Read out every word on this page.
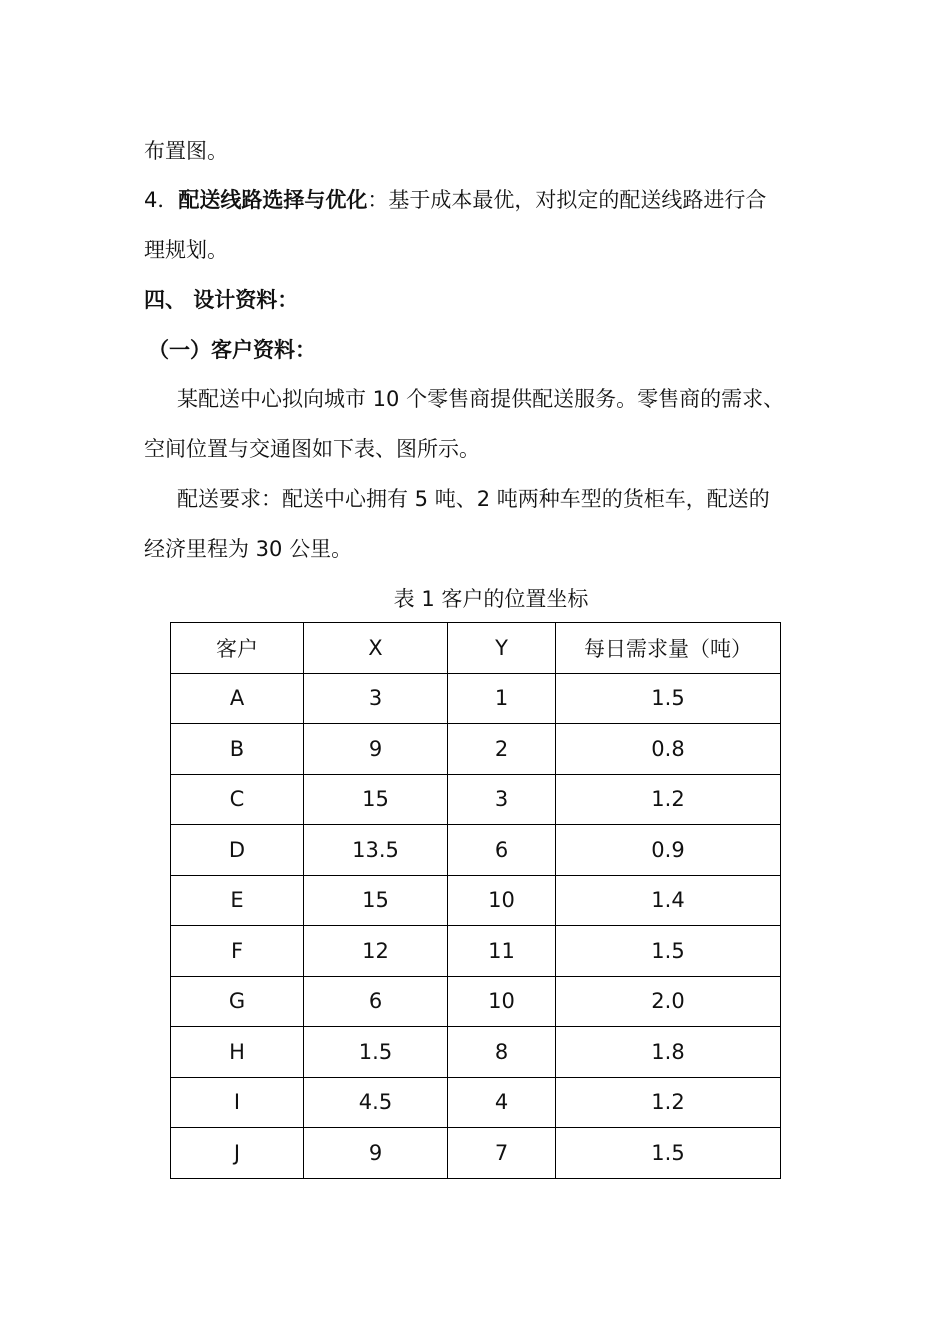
布置图。
4．配送线路选择与优化：基于成本最优，对拟定的配送线路进行合
理规划。
四、 设计资料：
（一）客户资料：
某配送中心拟向城市 10 个零售商提供配送服务。零售商的需求、
空间位置与交通图如下表、图所示。
配送要求：配送中心拥有 5 吨、2 吨两种车型的货柜车，配送的
经济里程为 30 公里。
表 1 客户的位置坐标
客户	X	Y	每日需求量（吨）
A	3	1	1.5
B	9	2	0.8
C	15	3	1.2
D	13.5	6	0.9
E	15	10	1.4
F	12	11	1.5
G	6	10	2.0
H	1.5	8	1.8
I	4.5	4	1.2
J	9	7	1.5
